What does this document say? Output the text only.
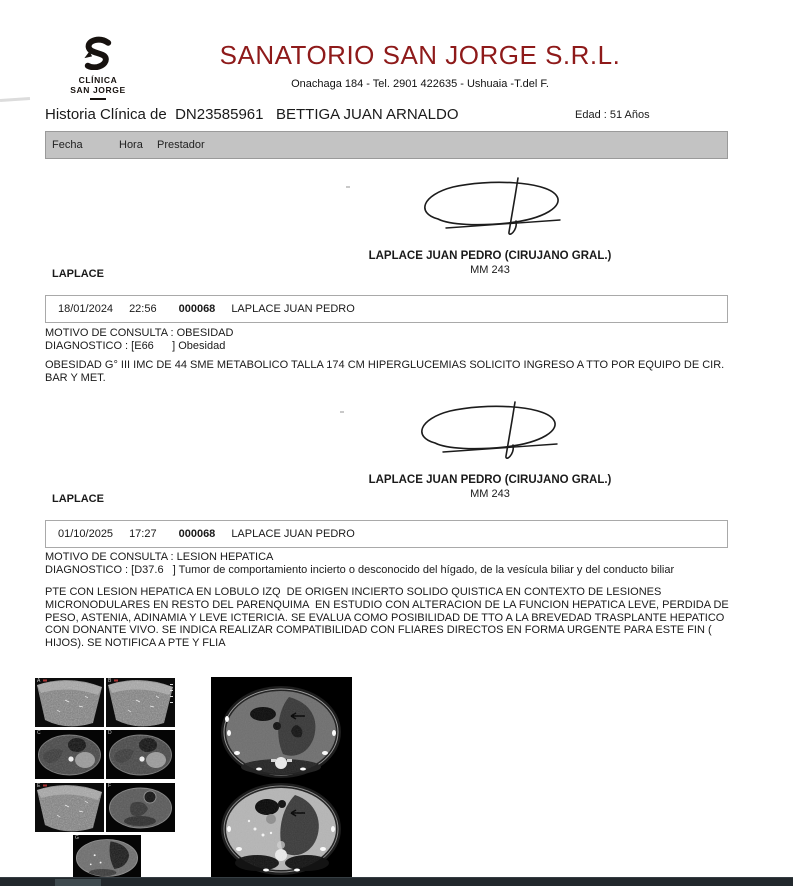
CLÍNICA
SAN JORGE
SANATORIO SAN JORGE S.R.L.
Onachaga 184 - Tel. 2901 422635 - Ushuaia -T.del F.
Historia Clínica de DN23585961 BETTIGA JUAN ARNALDO	Edad : 51 Años
Fecha	Hora	Prestador
LAPLACE JUAN PEDRO (CIRUJANO GRAL.)
MM 243
LAPLACE
18/01/2024 22:56 000068 LAPLACE JUAN PEDRO
MOTIVO DE CONSULTA : OBESIDAD
DIAGNOSTICO : [E66      ] Obesidad
OBESIDAD G° III IMC DE 44 SME METABOLICO TALLA 174 CM HIPERGLUCEMIAS SOLICITO INGRESO A TTO POR EQUIPO DE CIR. BAR Y MET.
LAPLACE JUAN PEDRO (CIRUJANO GRAL.)
MM 243
LAPLACE
01/10/2025 17:27 000068 LAPLACE JUAN PEDRO
MOTIVO DE CONSULTA : LESION HEPATICA
DIAGNOSTICO : [D37.6   ] Tumor de comportamiento incierto o desconocido del hígado, de la vesícula biliar y del conducto biliar
PTE CON LESION HEPATICA EN LOBULO IZQ  DE ORIGEN INCIERTO SOLIDO QUISTICA EN CONTEXTO DE LESIONES MICRONODULARES EN RESTO DEL PARENQUIMA  EN ESTUDIO CON ALTERACION DE LA FUNCION HEPATICA LEVE, PERDIDA DE PESO, ASTENIA, ADINAMIA Y LEVE ICTERICIA. SE EVALUA COMO POSIBILIDAD DE TTO A LA BREVEDAD TRASPLANTE HEPATICO CON DONANTE VIVO. SE INDICA REALIZAR COMPATIBILIDAD CON FLIARES DIRECTOS EN FORMA URGENTE PARA ESTE FIN ( HIJOS). SE NOTIFICA A PTE Y FLIA
A	B
C	D
E	F
G
